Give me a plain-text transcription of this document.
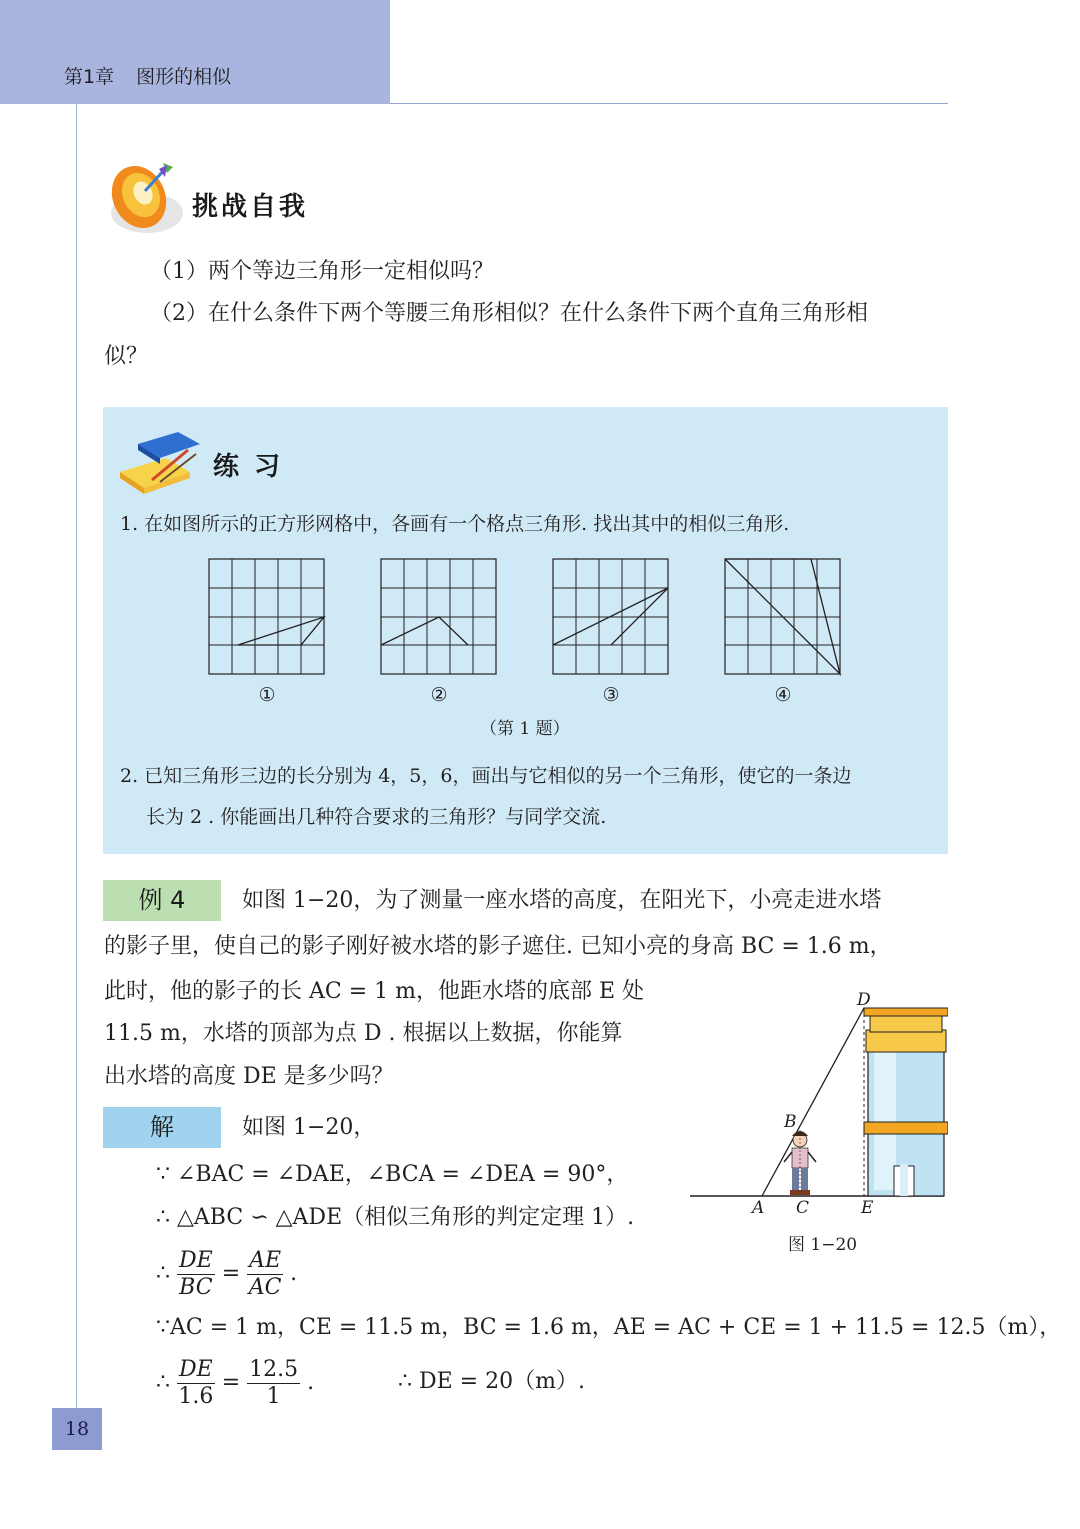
第1章 图形的相似
挑战自我
（1）两个等边三角形一定相似吗？
（2）在什么条件下两个等腰三角形相似？在什么条件下两个直角三角形相
似？
练 习
1. 在如图所示的正方形网格中，各画有一个格点三角形. 找出其中的相似三角形.
①	②	③	④
（第 1 题）
2. 已知三角形三边的长分别为 4，5，6，画出与它相似的另一个三角形，使它的一条边
长为 2 . 你能画出几种符合要求的三角形？与同学交流.
例 4	如图 1−20，为了测量一座水塔的高度，在阳光下，小亮走进水塔
的影子里，使自己的影子刚好被水塔的影子遮住. 已知小亮的身高 BC = 1.6 m，
此时，他的影子的长 AC = 1 m，他距水塔的底部 E 处
11.5 m，水塔的顶部为点 D . 根据以上数据，你能算
出水塔的高度 DE 是多少吗？
D
B
A C	E
图 1−20
解	如图 1−20，
∵ ∠BAC = ∠DAE，∠BCA = ∠DEA = 90°，
∴ △ABC ∽ △ADE（相似三角形的判定定理 1）.
∴ $\frac{DE}{BC} = \frac{AE}{AC}$ .
∵AC = 1 m，CE = 11.5 m，BC = 1.6 m，AE = AC + CE = 1 + 11.5 = 12.5（m），
∴ $\frac{DE}{1.6} = \frac{12.5}{1}$ .	∴ DE = 20（m）.
18
